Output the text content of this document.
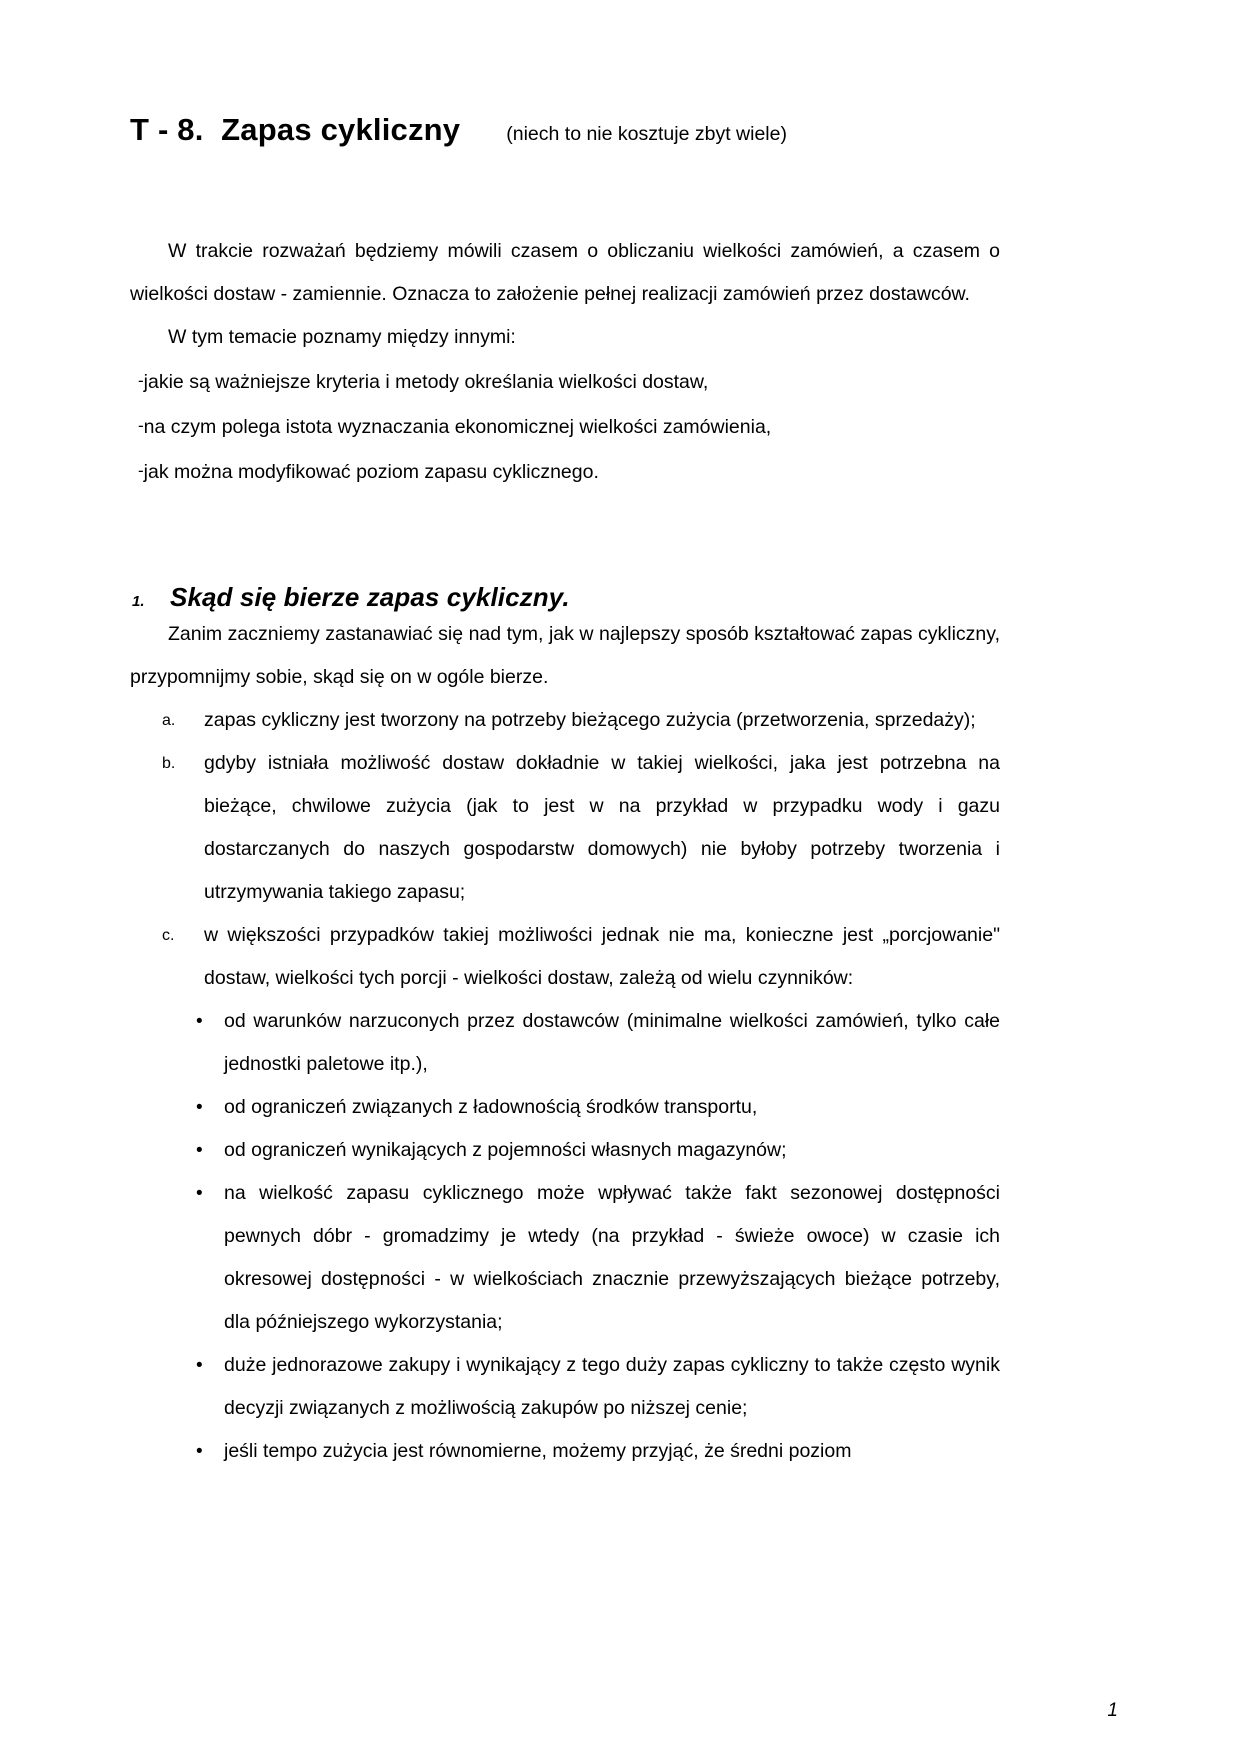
T - 8.  Zapas cykliczny (niech to nie kosztuje zbyt wiele)

W trakcie rozważań będziemy mówili czasem o obliczaniu wielkości zamówień, a czasem o wielkości dostaw - zamiennie. Oznacza to założenie pełnej realizacji zamówień przez dostawców.

W tym temacie poznamy między innymi:

-jakie są ważniejsze kryteria i metody określania wielkości dostaw,

-na czym polega istota wyznaczania ekonomicznej wielkości zamówienia,

-jak można modyfikować poziom zapasu cyklicznego.

1. Skąd się bierze zapas cykliczny.

Zanim zaczniemy zastanawiać się nad tym, jak w najlepszy sposób kształtować zapas cykliczny, przypomnijmy sobie, skąd się on w ogóle bierze.

a.	zapas cykliczny jest tworzony na potrzeby bieżącego zużycia (przetworzenia, sprzedaży);
b.	gdyby istniała możliwość dostaw dokładnie w takiej wielkości, jaka jest potrzebna na bieżące, chwilowe zużycia (jak to jest w na przykład w przypadku wody i gazu dostarczanych do naszych gospodarstw domowych) nie byłoby potrzeby tworzenia i utrzymywania takiego zapasu;
c.	w większości przypadków takiej możliwości jednak nie ma, konieczne jest „porcjowanie" dostaw, wielkości tych porcji - wielkości dostaw, zależą od wielu czynników:
•	od warunków narzuconych przez dostawców (minimalne wielkości zamówień, tylko całe jednostki paletowe itp.),
•	od ograniczeń związanych z ładownością środków transportu,
•	od ograniczeń wynikających z pojemności własnych magazynów;
•	na wielkość zapasu cyklicznego może wpływać także fakt sezonowej dostępności pewnych dóbr - gromadzimy je wtedy (na przykład - świeże owoce) w czasie ich okresowej dostępności - w wielkościach znacznie przewyższających bieżące potrzeby, dla późniejszego wykorzystania;
•	duże jednorazowe zakupy i wynikający z tego duży zapas cykliczny to także często wynik decyzji związanych z możliwością zakupów po niższej cenie;
•	jeśli tempo zużycia jest równomierne, możemy przyjąć, że średni poziom
1
